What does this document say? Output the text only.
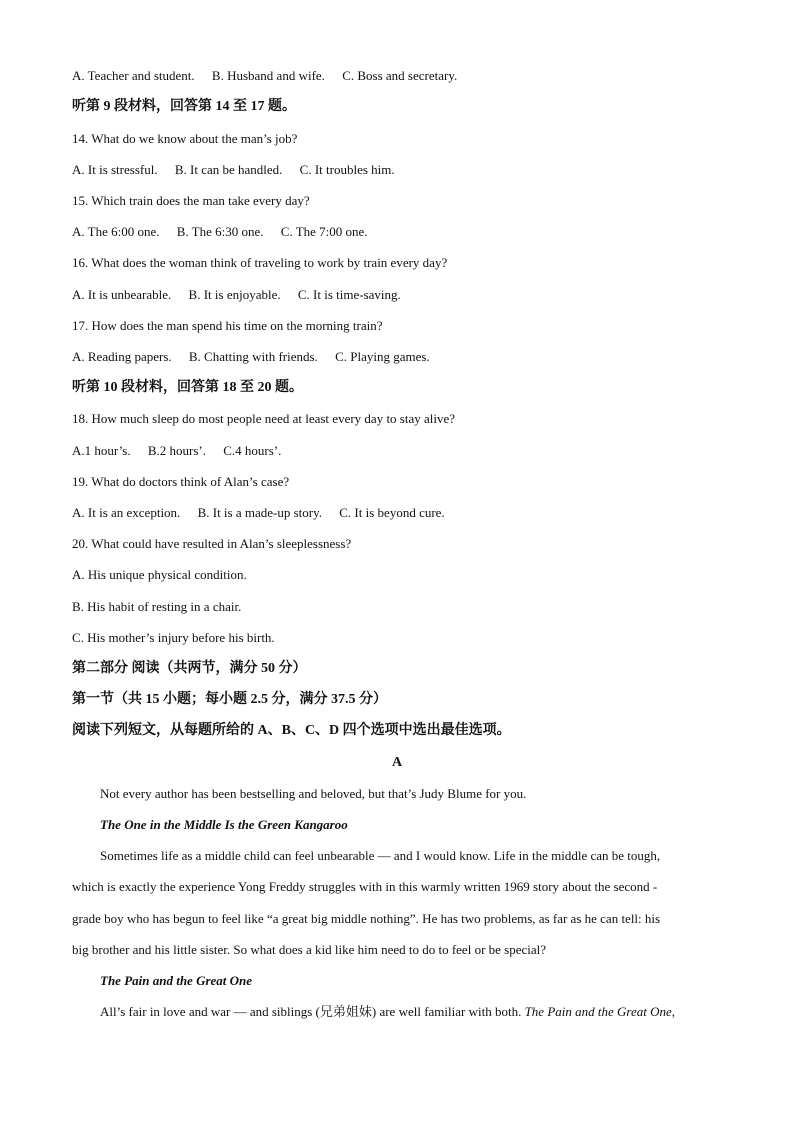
A. Teacher and student. B. Husband and wife. C. Boss and secretary.
听第 9 段材料，回答第 14 至 17 题。
14. What do we know about the man’s job?
A. It is stressful. B. It can be handled. C. It troubles him.
15. Which train does the man take every day?
A. The 6:00 one. B. The 6:30 one. C. The 7:00 one.
16. What does the woman think of traveling to work by train every day?
A. It is unbearable. B. It is enjoyable. C. It is time-saving.
17. How does the man spend his time on the morning train?
A. Reading papers. B. Chatting with friends. C. Playing games.
听第 10 段材料，回答第 18 至 20 题。
18. How much sleep do most people need at least every day to stay alive?
A.1 hour’s. B.2 hours’. C.4 hours’.
19. What do doctors think of Alan’s case?
A. It is an exception. B. It is a made-up story. C. It is beyond cure.
20. What could have resulted in Alan’s sleeplessness?
A. His unique physical condition.
B. His habit of resting in a chair.
C. His mother’s injury before his birth.
第二部分 阅读（共两节，满分 50 分）
第一节（共 15 小题；每小题 2.5 分，满分 37.5 分）
阅读下列短文，从每题所给的 A、B、C、D 四个选项中选出最佳选项。
A
Not every author has been bestselling and beloved, but that’s Judy Blume for you.
The One in the Middle Is the Green Kangaroo
Sometimes life as a middle child can feel unbearable — and I would know. Life in the middle can be tough,
which is exactly the experience Yong Freddy struggles with in this warmly written 1969 story about the second -
grade boy who has begun to feel like “a great big middle nothing”. He has two problems, as far as he can tell: his
big brother and his little sister. So what does a kid like him need to do to feel or be special?
The Pain and the Great One
All’s fair in love and war — and siblings (兄弟姐妹) are well familiar with both. The Pain and the Great One,
